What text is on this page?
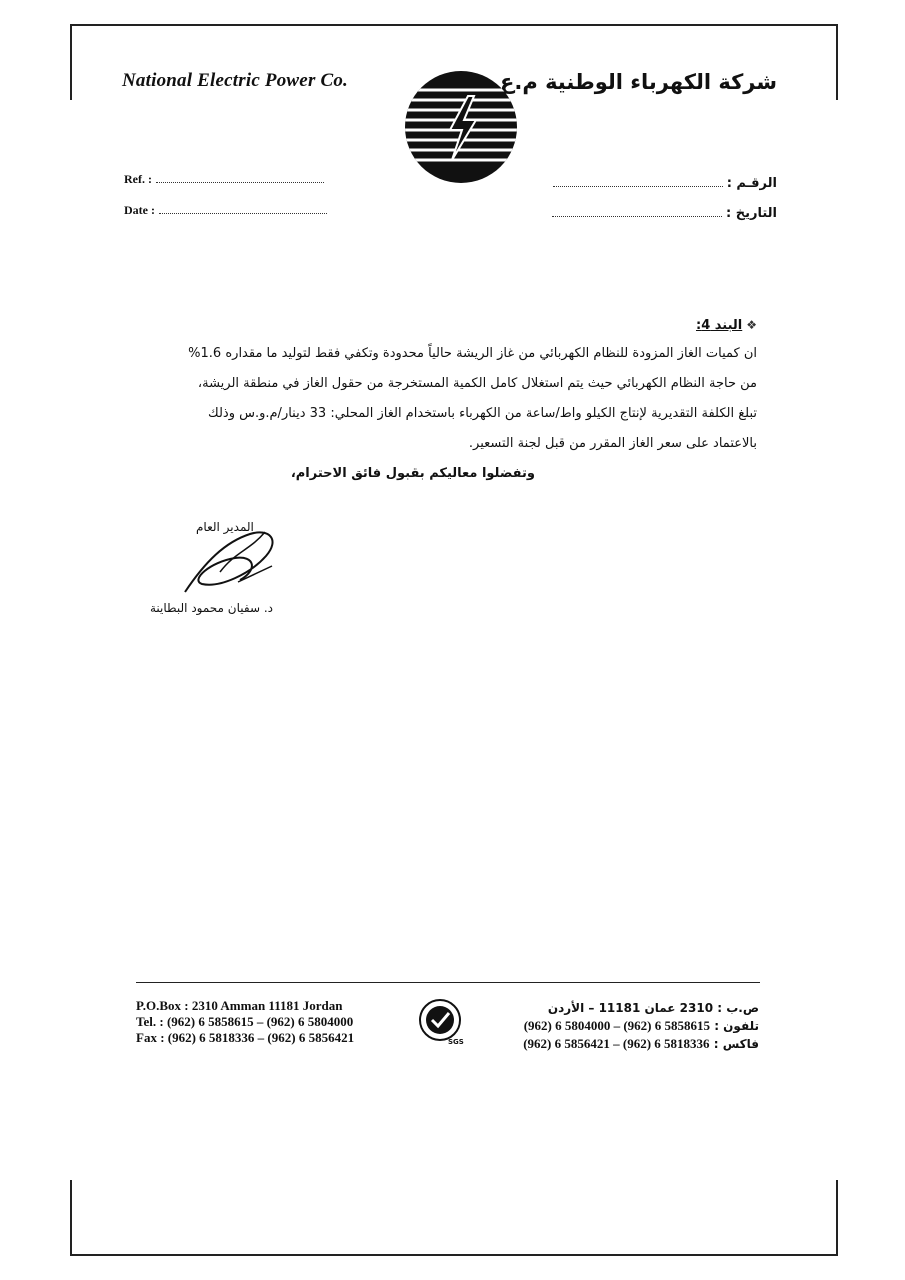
National Electric Power Co.	شركة الكهرباء الوطنية م.ع
Ref. :
Date :
الرقـم :
التاريخ :
❖البند 4:
ان كميات الغاز المزودة للنظام الكهربائي من غاز الريشة حالياً محدودة وتكفي فقط لتوليد ما مقداره 1.6%
من حاجة النظام الكهربائي حيث يتم استغلال كامل الكمية المستخرجة من حقول الغاز في منطقة الريشة،
تبلغ الكلفة التقديرية لإنتاج الكيلو واط/ساعة من الكهرباء باستخدام الغاز المحلي: 33 دينار/م.و.س وذلك
بالاعتماد على سعر الغاز المقرر من قبل لجنة التسعير.
وتفضلوا معاليكم بقبول فائق الاحترام،
المدير العام
د. سفيان محمود البطاينة
P.O.Box : 2310 Amman 11181 Jordan
Tel. : (962) 6 5858615 – (962) 6 5804000
Fax : (962) 6 5818336 – (962) 6 5856421	SGS
ص.ب : 2310 عمان 11181 – الأردن
تلفون : (962) 6 5804000 – (962) 6 5858615
فاكس : (962) 6 5856421 – (962) 6 5818336
